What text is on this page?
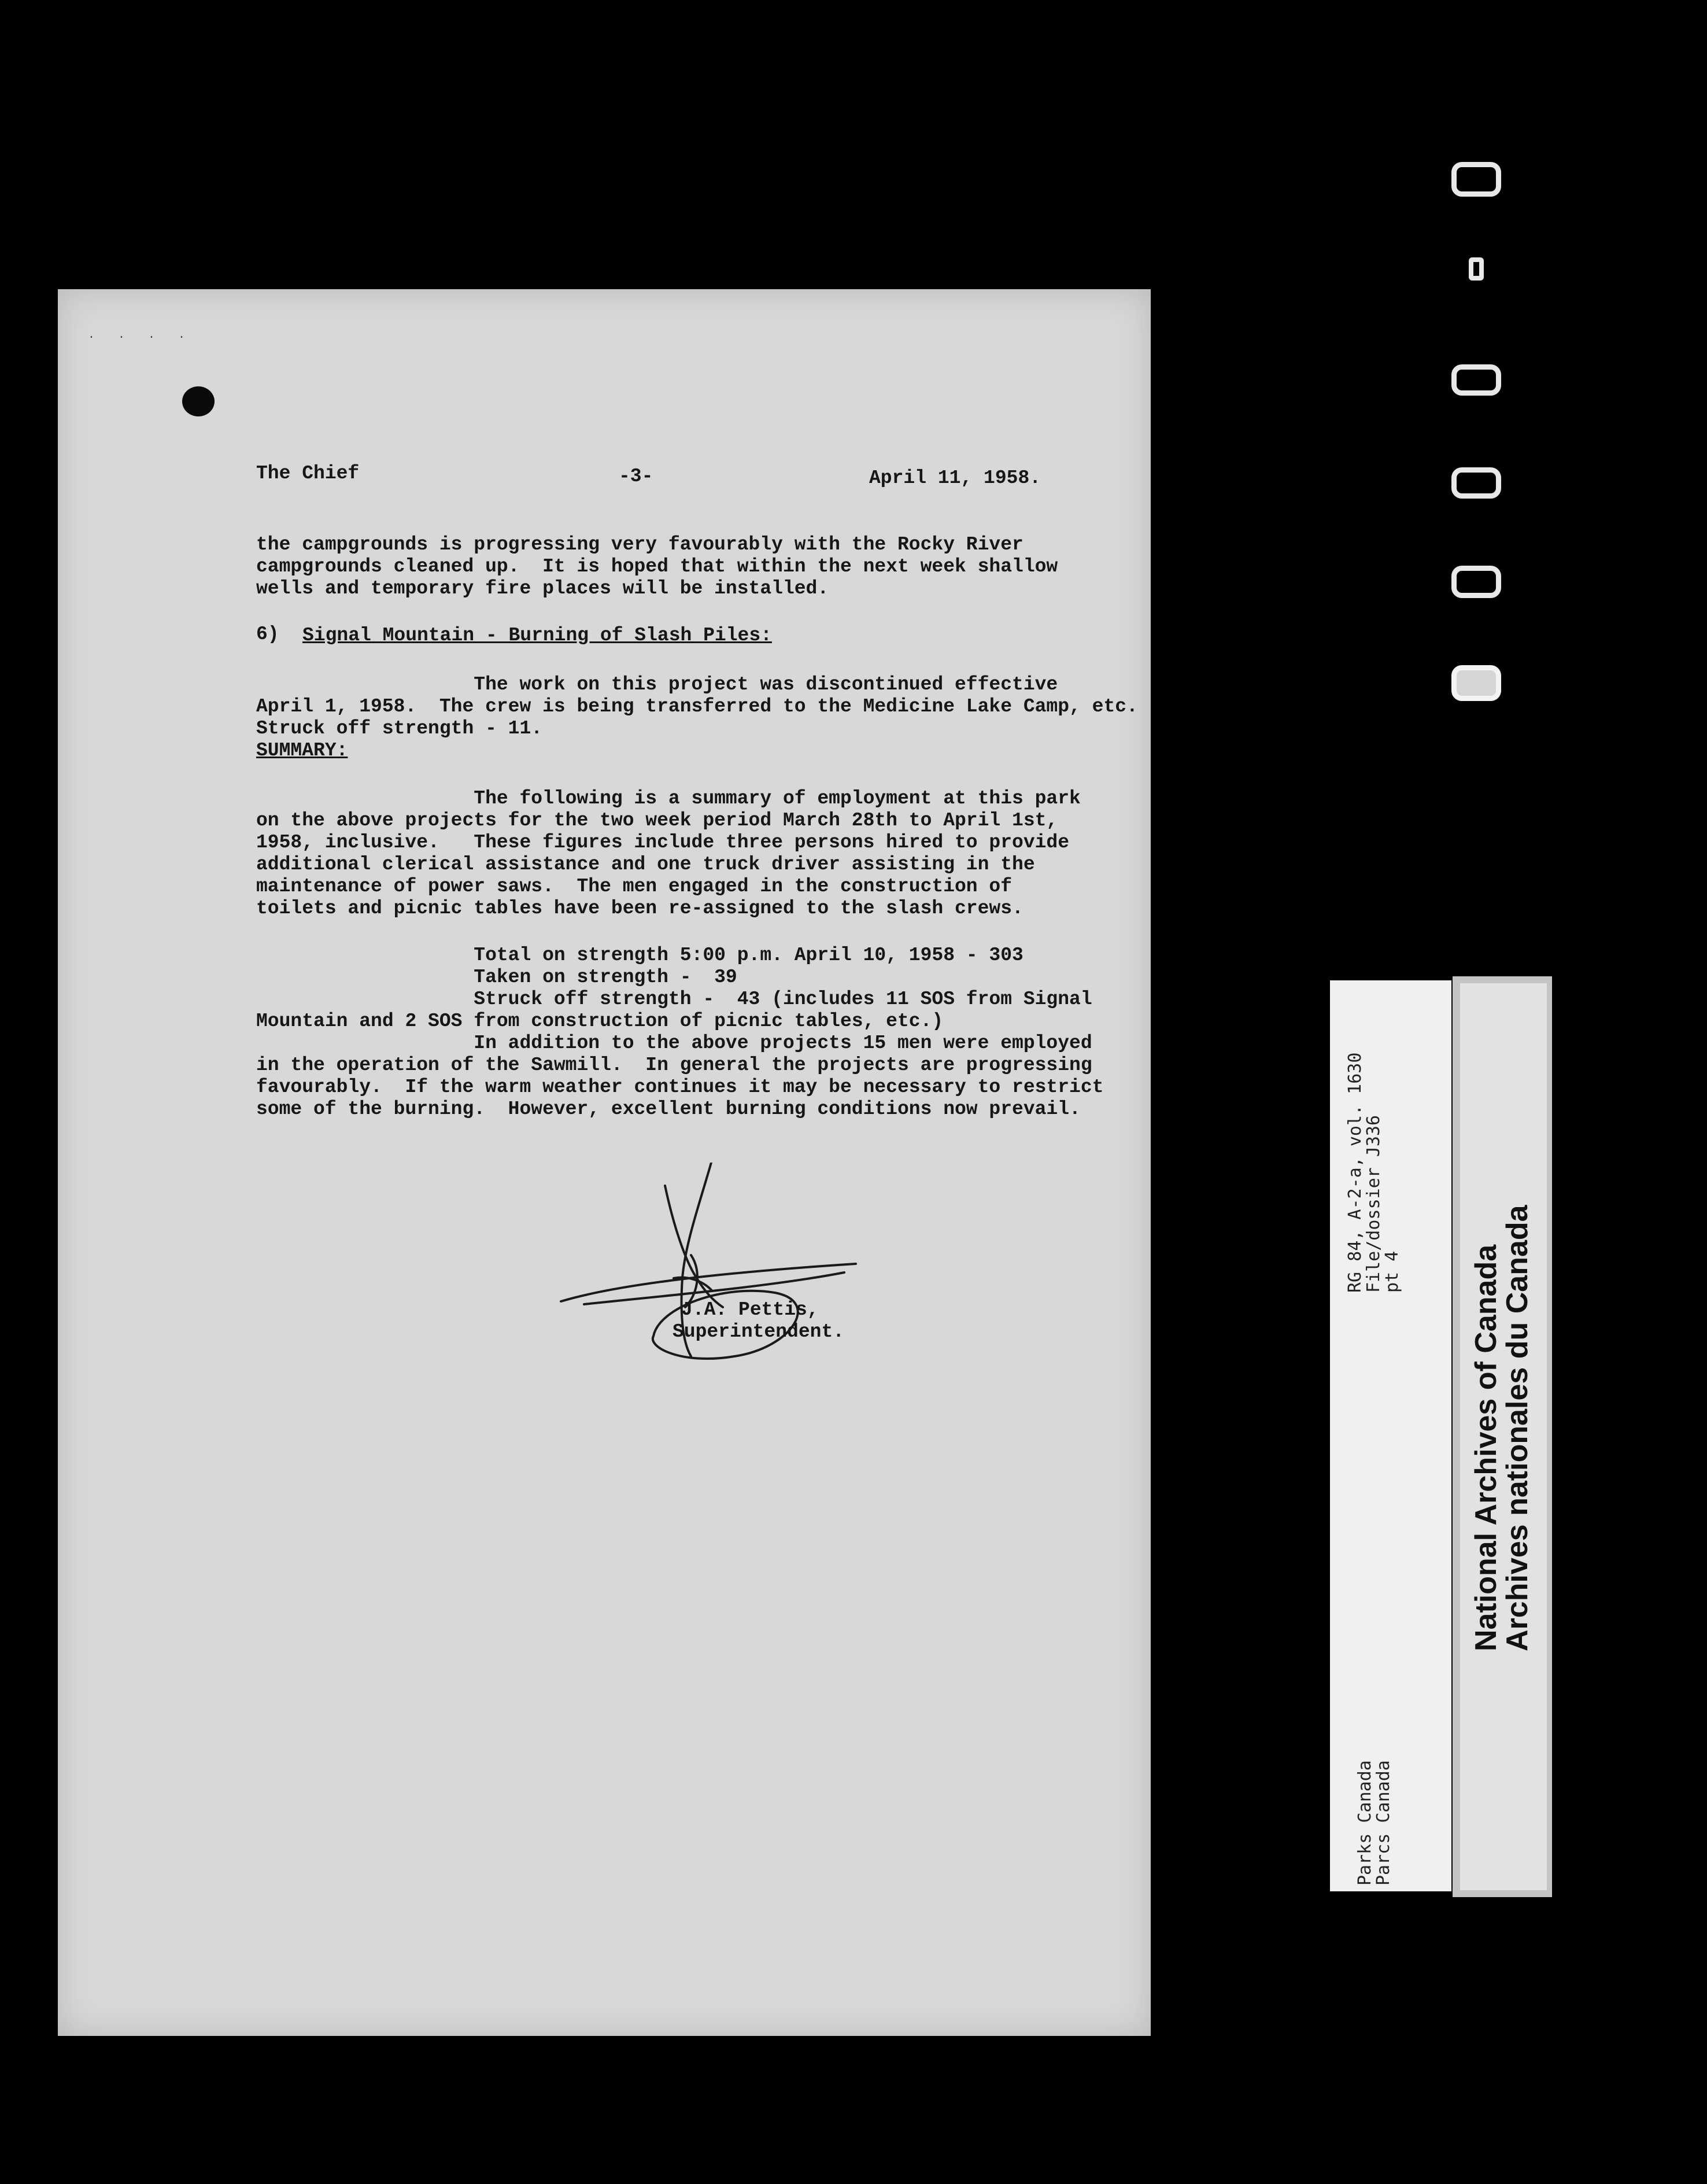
· · · ·
The Chief	-3-	April 11, 1958.
the campgrounds is progressing very favourably with the Rocky River
campgrounds cleaned up.  It is hoped that within the next week shallow
wells and temporary fire places will be installed.
6) Signal Mountain - Burning of Slash Piles:
The work on this project was discontinued effective
April 1, 1958.  The crew is being transferred to the Medicine Lake Camp, etc.
Struck off strength - 11.
SUMMARY:
The following is a summary of employment at this park
on the above projects for the two week period March 28th to April 1st,
1958, inclusive.   These figures include three persons hired to provide
additional clerical assistance and one truck driver assisting in the
maintenance of power saws.  The men engaged in the construction of
toilets and picnic tables have been re-assigned to the slash crews.
Total on strength 5:00 p.m. April 10, 1958 - 303
Taken on strength -  39
Struck off strength -  43 (includes 11 SOS from Signal
Mountain and 2 SOS from construction of picnic tables, etc.)
In addition to the above projects 15 men were employed
in the operation of the Sawmill.  In general the projects are progressing
favourably.  If the warm weather continues it may be necessary to restrict
some of the burning.  However, excellent burning conditions now prevail.
J.A. Pettis,
Superintendent.
RG 84, A-2-a, vol. 1630
File/dossier J336
pt 4
Parks Canada
Parcs Canada
National Archives of Canada
Archives nationales du Canada
